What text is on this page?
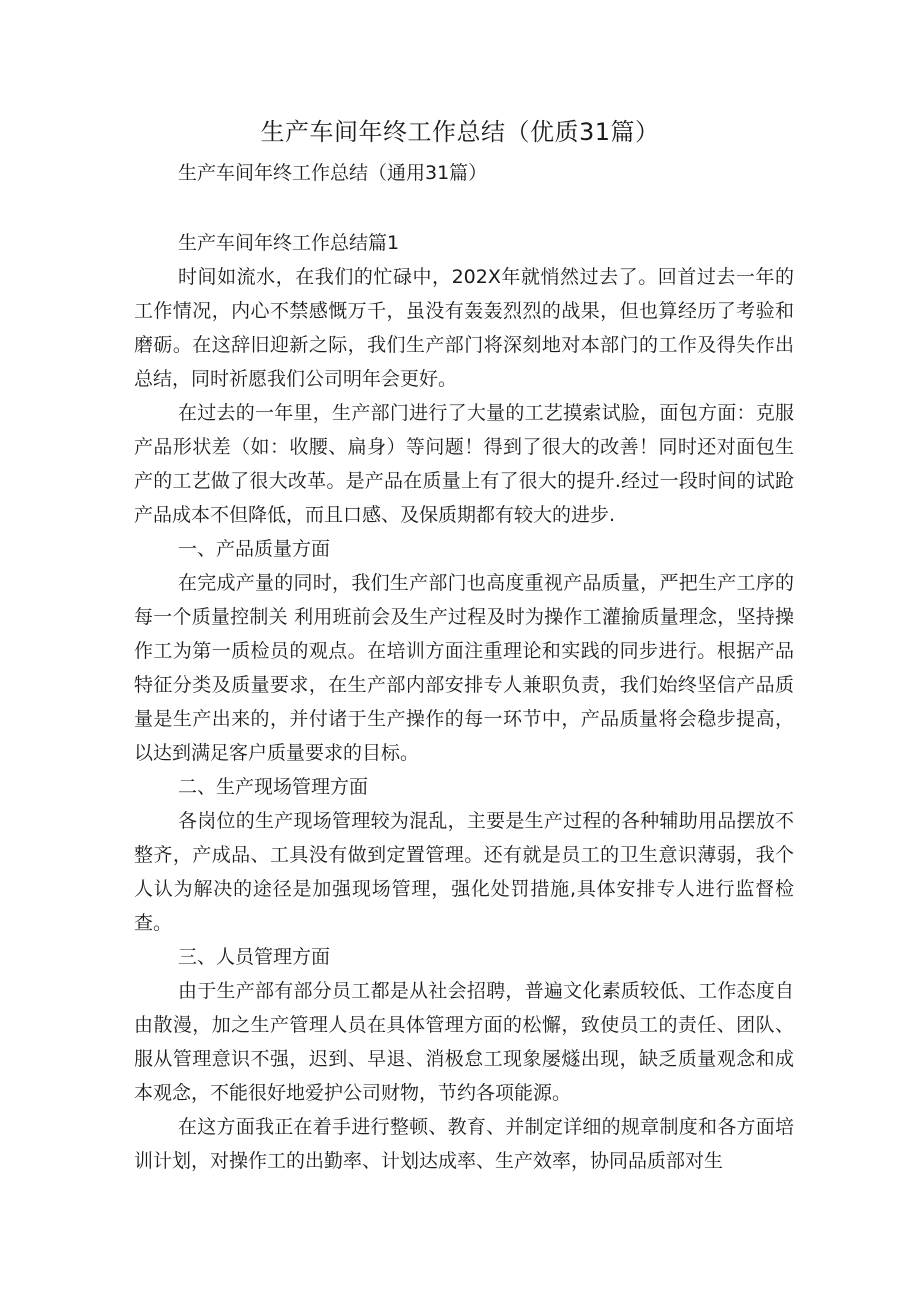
生产车间年终工作总结（优质31篇）
生产车间年终工作总结（通用31篇）

生产车间年终工作总结篇1

时间如流水，在我们的忙碌中，202X年就悄然过去了。回首过去一年的工作情况，内心不禁感慨万千，虽没有轰轰烈烈的战果，但也算经历了考验和磨砺。在这辞旧迎新之际，我们生产部门将深刻地对本部门的工作及得失作出总结，同时祈愿我们公司明年会更好。

在过去的一年里，生产部门进行了大量的工艺摸索试脸，面包方面：克服产品形状差（如：收腰、扁身）等问题！得到了很大的改善！同时还对面包生产的工艺做了很大改革。是产品在质量上有了很大的提升.经过一段时间的试跄产品成本不但降低，而且口感、及保质期都有较大的进步.

一、产品质量方面

在完成产量的同时，我们生产部门也高度重视产品质量，严把生产工序的每一个质量控制关 利用班前会及生产过程及时为操作工灌揄质量理念，坚持操作工为第一质检员的观点。在培训方面注重理论和实践的同步进行。根据产品特征分类及质量要求，在生产部内部安排专人兼职负责，我们始终坚信产品质量是生产出来的，并付诸于生产操作的每一环节中，产品质量将会稳步提高，以达到满足客户质量要求的目标。

二、生产现场管理方面

各岗位的生产现场管理较为混乱，主要是生产过程的各种辅助用品摆放不整齐，产成品、工具没有做到定置管理。还有就是员工的卫生意识薄弱，我个人认为解决的途径是加强现场管理，强化处罚措施,具体安排专人进行监督检查。

三、人员管理方面

由于生产部有部分员工都是从社会招聘，普遍文化素质较低、工作态度自由散漫，加之生产管理人员在具体管理方面的松懈，致使员工的责任、团队、服从管理意识不强，迟到、早退、消极怠工现象屡燧出现，缺乏质量观念和成本观念，不能很好地爱护公司财物，节约各项能源。

在这方面我正在着手进行整顿、教育、并制定详细的规章制度和各方面培训计划，对操作工的出勤率、计划达成率、生产效率，协同品质部对生
